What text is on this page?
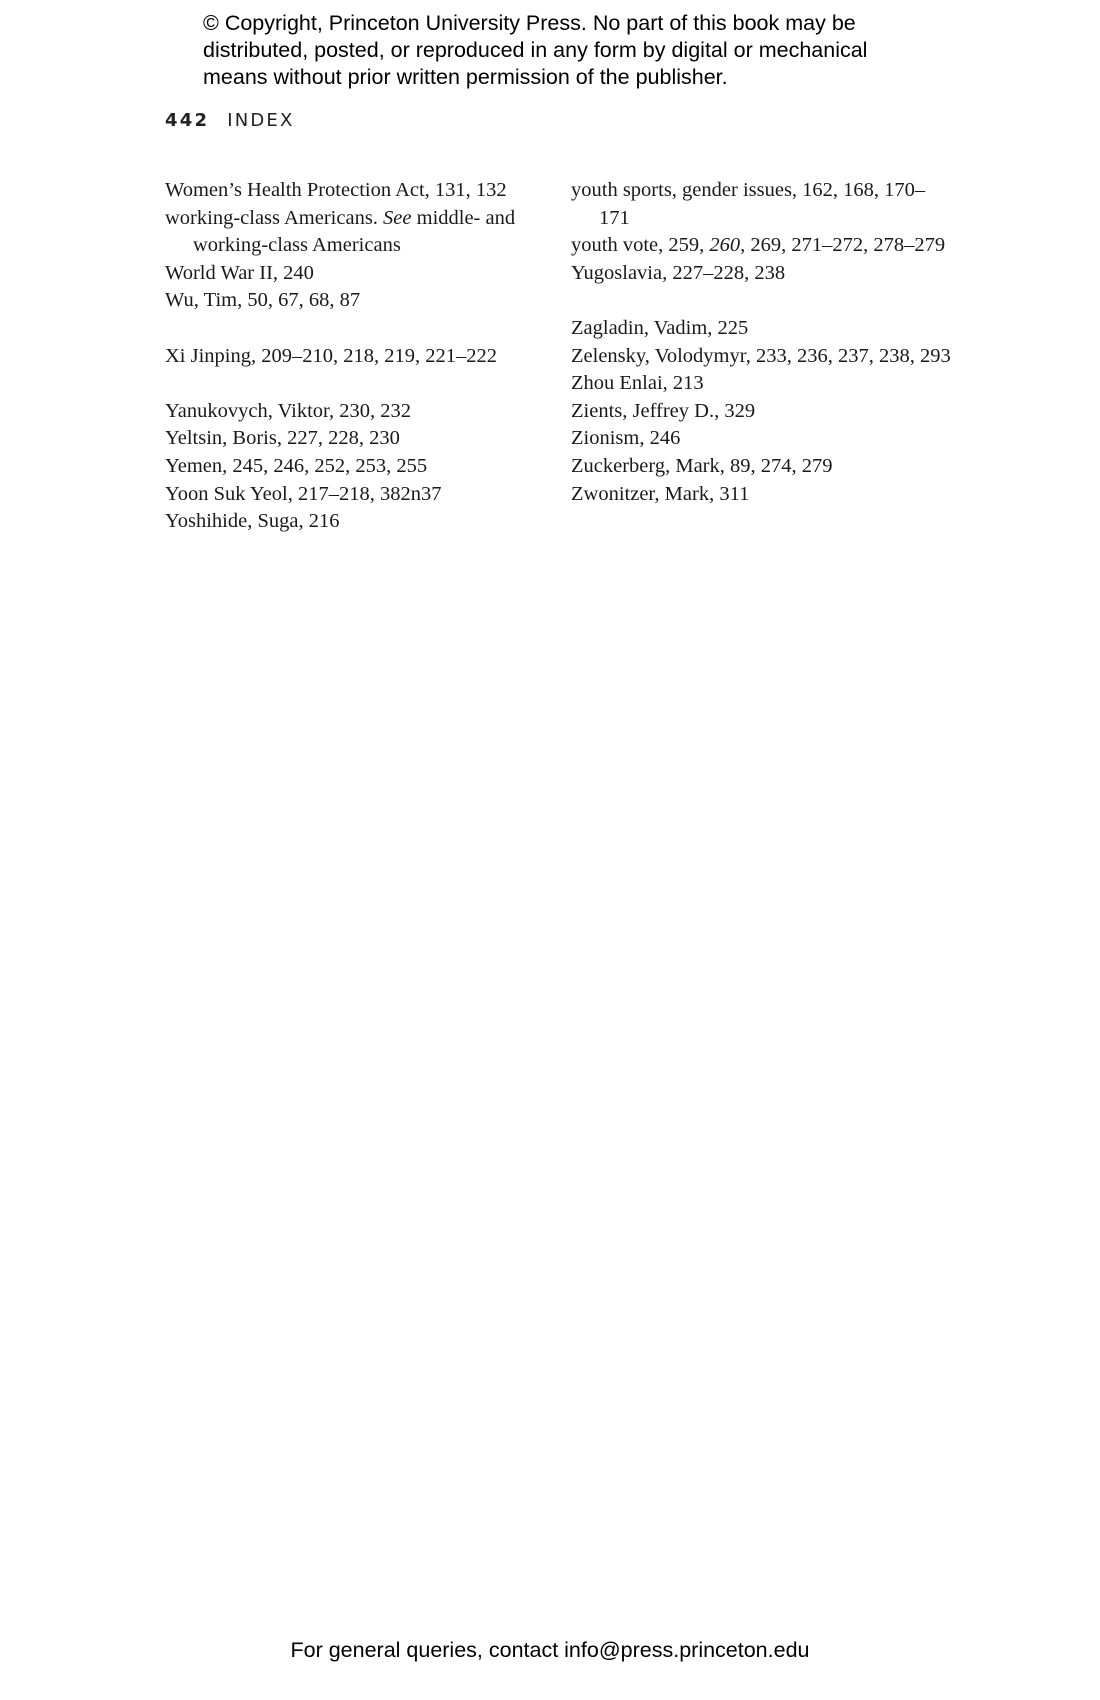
© Copyright, Princeton University Press. No part of this book may be
distributed, posted, or reproduced in any form by digital or mechanical
means without prior written permission of the publisher.
442 INDEX
Women’s Health Protection Act, 131, 132
working-class Americans. See middle- and working-class Americans
World War II, 240
Wu, Tim, 50, 67, 68, 87
Xi Jinping, 209–210, 218, 219, 221–222
Yanukovych, Viktor, 230, 232
Yeltsin, Boris, 227, 228, 230
Yemen, 245, 246, 252, 253, 255
Yoon Suk Yeol, 217–218, 382n37
Yoshihide, Suga, 216
youth sports, gender issues, 162, 168, 170–171
youth vote, 259, 260, 269, 271–272, 278–279
Yugoslavia, 227–228, 238
Zagladin, Vadim, 225
Zelensky, Volodymyr, 233, 236, 237, 238, 293
Zhou Enlai, 213
Zients, Jeffrey D., 329
Zionism, 246
Zuckerberg, Mark, 89, 274, 279
Zwonitzer, Mark, 311
For general queries, contact info@press.princeton.edu
